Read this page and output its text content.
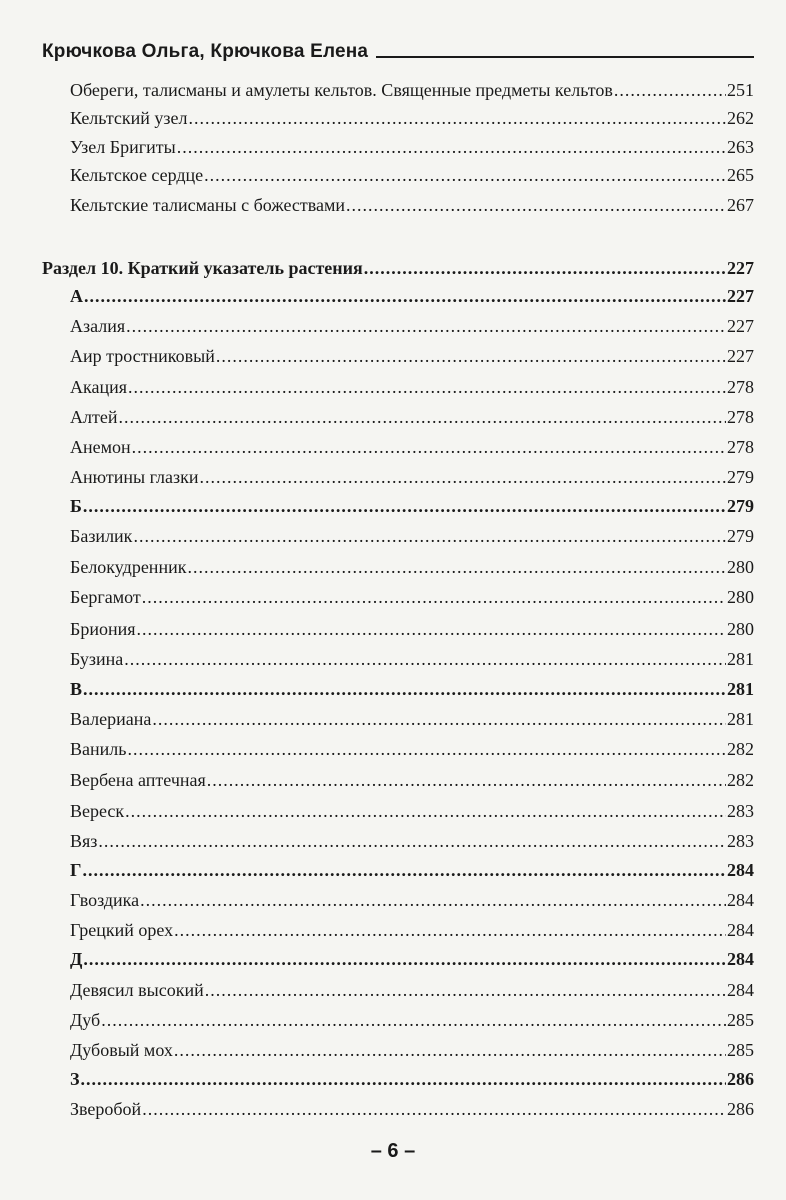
Крючкова Ольга, Крючкова Елена
Обереги, талисманы и амулеты кельтов. Священные предметы кельтов .....	251
Кельтский узел .....	262
Узел Бригиты .....	263
Кельтское сердце .....	265
Кельтские талисманы с божествами .....	267
Раздел 10. Краткий указатель растения .....	227
А .....	227
Азалия .....	227
Аир тростниковый .....	227
Акация .....	278
Алтей .....	278
Анемон .....	278
Анютины глазки .....	279
Б .....	279
Базилик .....	279
Белокудренник .....	280
Бергамот .....	280
Бриония .....	280
Бузина .....	281
В .....	281
Валериана .....	281
Ваниль .....	282
Вербена аптечная .....	282
Вереск .....	283
Вяз .....	283
Г .....	284
Гвоздика .....	284
Грецкий орех .....	284
Д .....	284
Девясил высокий .....	284
Дуб .....	285
Дубовый мох .....	285
З .....	286
Зверобой .....	286
– 6 –
